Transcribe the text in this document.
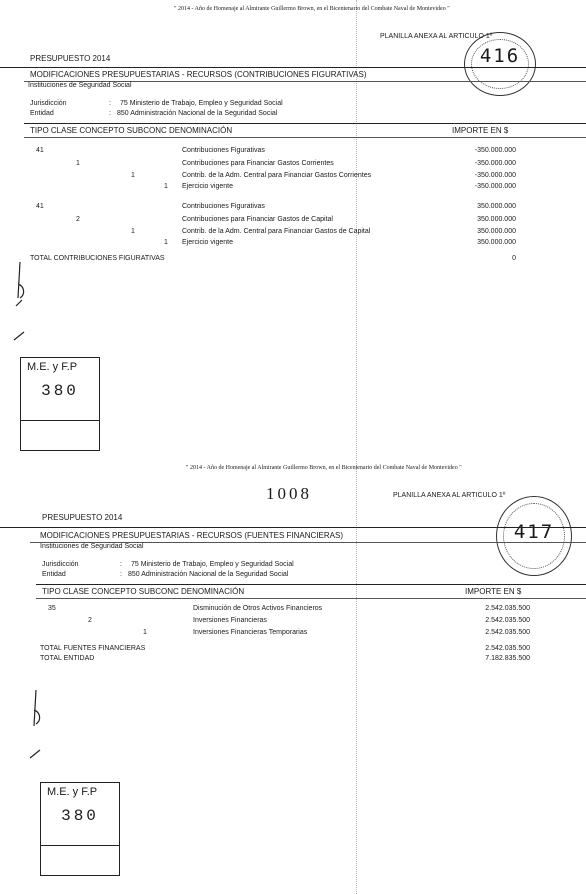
" 2014 - Año de Homenaje al Almirante Guillermo Brown, en el Bicentenario del Combate Naval de Montevideo "
PLANILLA ANEXA AL ARTICULO 1º
416
PRESUPUESTO 2014
MODIFICACIONES PRESUPUESTARIAS - RECURSOS (CONTRIBUCIONES FIGURATIVAS)
Instituciones de Seguridad Social
Jurisdicción	: 75 Ministerio de Trabajo, Empleo y Seguridad Social
Entidad	: 850 Administración Nacional de la Seguridad Social
TIPO CLASE CONCEPTO SUBCONC DENOMINACIÓN	IMPORTE EN $
41	Contribuciones Figurativas	-350.000.000
1	Contribuciones para Financiar Gastos Corrientes	-350.000.000
1	Contrib. de la Adm. Central para Financiar Gastos Corrientes	-350.000.000
1 Ejercicio vigente	-350.000.000
41	Contribuciones Figurativas	350.000.000
2	Contribuciones para Financiar Gastos de Capital	350.000.000
1	Contrib. de la Adm. Central para Financiar Gastos de Capital	350.000.000
1 Ejercicio vigente	350.000.000
TOTAL CONTRIBUCIONES FIGURATIVAS	0
M.E. y F.P
380
" 2014 - Año de Homenaje al Almirante Guillermo Brown, en el Bicentenario del Combate Naval de Montevideo "
1008	PLANILLA ANEXA AL ARTICULO 1º
417
PRESUPUESTO 2014
MODIFICACIONES PRESUPUESTARIAS - RECURSOS (FUENTES FINANCIERAS)
Instituciones de Seguridad Social
Jurisdicción	: 75 Ministerio de Trabajo, Empleo y Seguridad Social
Entidad	: 850 Administración Nacional de la Seguridad Social
TIPO CLASE CONCEPTO SUBCONC DENOMINACIÓN	IMPORTE EN $
35	Disminución de Otros Activos Financieros	2.542.035.500
2	Inversiones Financieras	2.542.035.500
1	Inversiones Financieras Temporarias	2.542.035.500
TOTAL FUENTES FINANCIERAS	2.542.035.500
TOTAL ENTIDAD	7.182.835.500
M.E. y F.P
380
